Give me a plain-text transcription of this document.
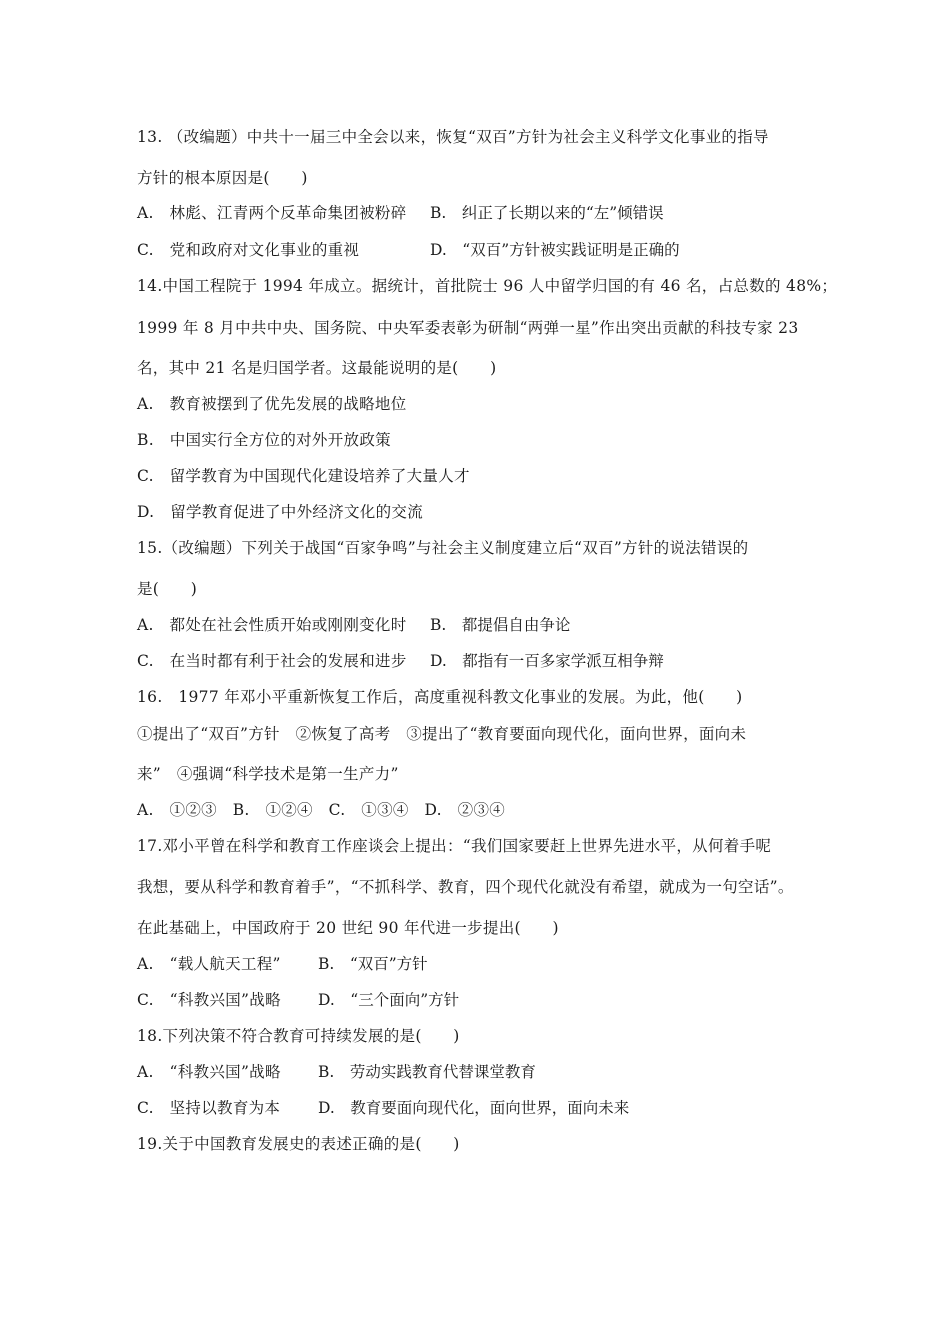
13. （改编题）中共十一届三中全会以来，恢复“双百”方针为社会主义科学文化事业的指导
方针的根本原因是(　　)
A.　林彪、江青两个反革命集团被粉碎 B.　纠正了长期以来的“左”倾错误
C.　党和政府对文化事业的重视	D.　“双百”方针被实践证明是正确的
14.中国工程院于 1994 年成立。据统计，首批院士 96 人中留学归国的有 46 名，占总数的 48%；
1999 年 8 月中共中央、国务院、中央军委表彰为研制“两弹一星”作出突出贡献的科技专家 23
名，其中 21 名是归国学者。这最能说明的是(　　)
A.　教育被摆到了优先发展的战略地位
B.　中国实行全方位的对外开放政策
C.　留学教育为中国现代化建设培养了大量人才
D.　留学教育促进了中外经济文化的交流
15.（改编题）下列关于战国“百家争鸣”与社会主义制度建立后“双百”方针的说法错误的
是(　　)
A.　都处在社会性质开始或刚刚变化时 B.　都提倡自由争论
C.　在当时都有利于社会的发展和进步 D.　都指有一百多家学派互相争辩
16.　1977 年邓小平重新恢复工作后，高度重视科教文化事业的发展。为此，他(　　)
①提出了“双百”方针　②恢复了高考　③提出了“教育要面向现代化，面向世界，面向未
来”　④强调“科学技术是第一生产力”
A.　①②③　B.　①②④　C.　①③④　D.　②③④
17.邓小平曾在科学和教育工作座谈会上提出：“我们国家要赶上世界先进水平，从何着手呢
我想，要从科学和教育着手”，“不抓科学、教育，四个现代化就没有希望，就成为一句空话”。
在此基础上，中国政府于 20 世纪 90 年代进一步提出(　　)
A.　“载人航天工程” B.　“双百”方针
C.　“科教兴国”战略 D.　“三个面向”方针
18.下列决策不符合教育可持续发展的是(　　)
A.　“科教兴国”战略 B.　劳动实践教育代替课堂教育
C.　坚持以教育为本 D.　教育要面向现代化，面向世界，面向未来
19.关于中国教育发展史的表述正确的是(　　)
